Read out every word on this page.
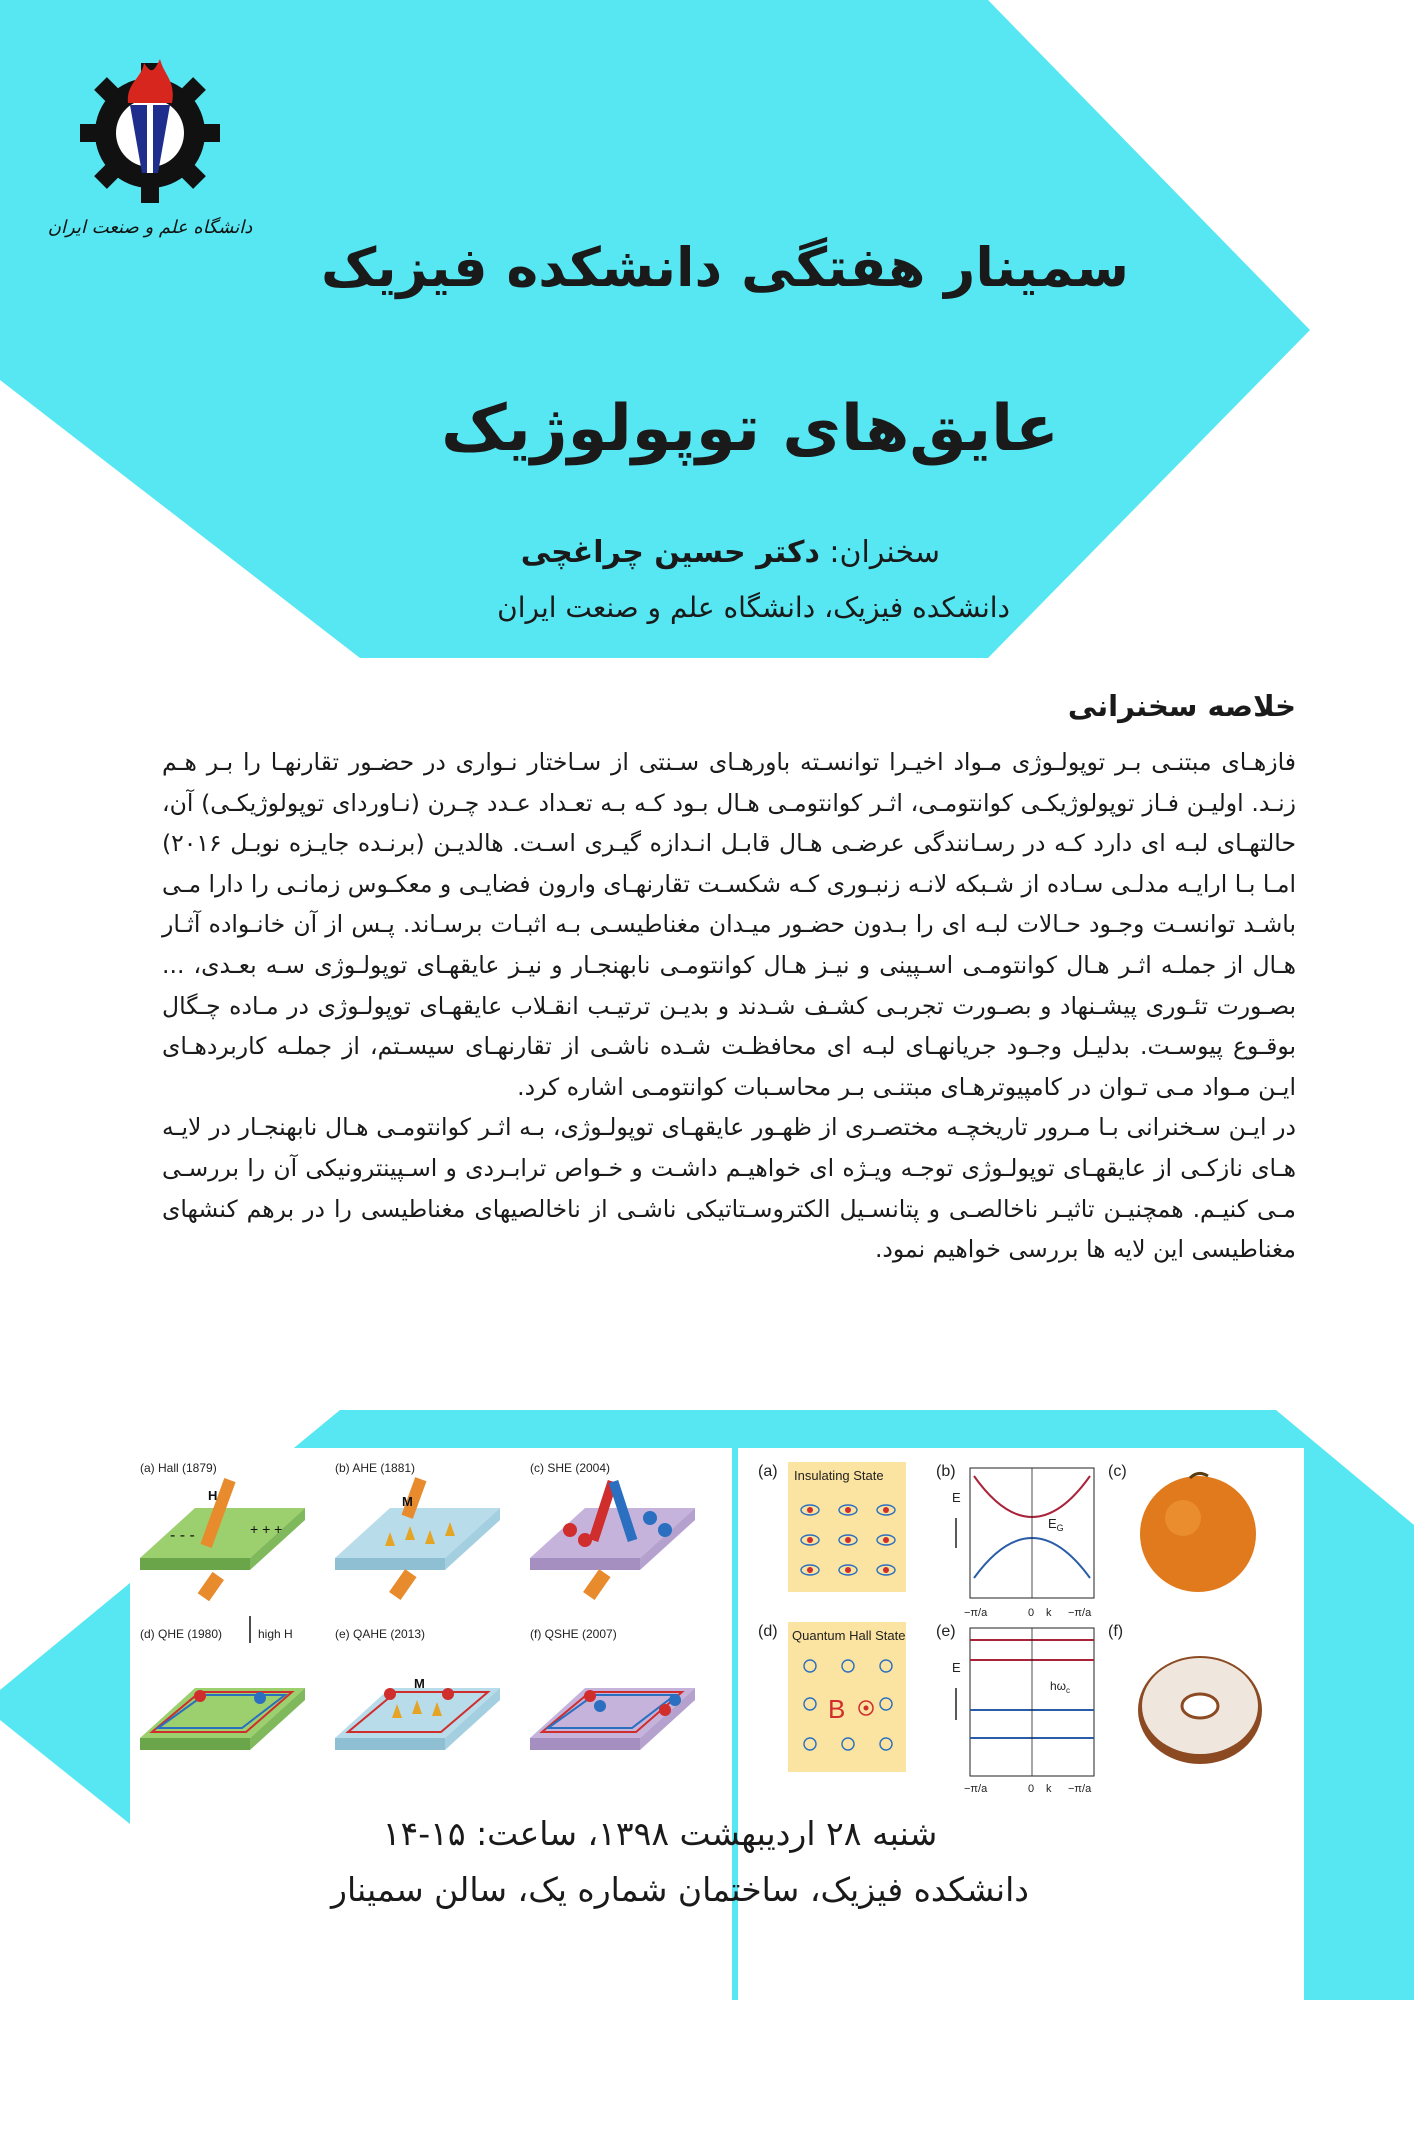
دانشگاه علم و صنعت ایران
سمینار هفتگی دانشکده فیزیک
عایق‌های توپولوژیک
سخنران: دکتر حسین چراغچی
دانشکده فیزیک، دانشگاه علم و صنعت ایران
خلاصه سخنرانی

فازهـای مبتنـی بـر توپولـوژی مـواد اخیـرا توانسـته باورهـای سـنتی از سـاختار نـواری در حضـور تقارنهـا را بـر هـم زنـد. اولیـن فـاز توپولوژیکـی کوانتومـی، اثـر کوانتومـی هـال بـود کـه بـه تعـداد عـدد چـرن (نـاوردای توپولوژیکـی) آن، حالتهـای لبـه ای دارد کـه در رسـانندگی عرضـی هـال قابـل انـدازه گیـری اسـت. هالدیـن (برنـده جایـزه نوبـل ۲۰۱۶) امـا بـا ارایـه مدلـی سـاده از شـبکه لانـه زنبـوری کـه شکسـت تقارنهـای وارون فضایـی و معکـوس زمانـی را دارا مـی باشـد توانسـت وجـود حـالات لبـه ای را بـدون حضـور میـدان مغناطیسـی بـه اثبـات برسـاند. پـس از آن خانـواده آثـار هـال از جملـه اثـر هـال کوانتومـی اسـپینی و نیـز هـال کوانتومـی نابهنجـار و نیـز عایقهـای توپولـوژی سـه بعـدی، ... بصـورت تئـوری پیشـنهاد و بصـورت تجربـی کشـف شـدند و بدیـن ترتیـب انقـلاب عایقهـای توپولـوژی در مـاده چـگال بوقـوع پیوسـت. بدلیـل وجـود جریانهـای لبـه ای محافظـت شـده ناشـی از تقارنهـای سیسـتم، از جملـه کاربردهـای ایـن مـواد مـی تـوان در کامپیوترهـای مبتنـی بـر محاسـبات کوانتومـی اشاره کرد.

در ایـن سـخنرانی بـا مـرور تاریخچـه مختصـری از ظهـور عایقهـای توپولـوژی، بـه اثـر کوانتومـی هـال نابهنجـار در لایـه هـای نازکـی از عایقهـای توپولـوژی توجـه ویـژه ای خواهیـم داشـت و خـواص ترابـردی و اسـپینترونیکی آن را بررسـی مـی کنیـم. همچنیـن تاثیـر ناخالصـی و پتانسـیل الکتروسـتاتیکی ناشـی از ناخالصیهای مغناطیسی را در برهم کنشهای مغناطیسی این لایه ها بررسی خواهیم نمود.

(a) Hall (1879)
H
- - -	+ + +
(b) AHE (1881)
M
(c) SHE (2004)
(d) QHE (1980)	high H	(e) QAHE (2013)
M
(f) QSHE (2007)
(a) Insulating State	(b)
E
$E_G$
−π/a	0 k −π/a
(c)
(d) Quantum Hall State
B
(e)
E
$h\omega_c$
−π/a	0 k −π/a
(f)
شنبه ۲۸ اردیبهشت ۱۳۹۸، ساعت: ۱۵-۱۴
دانشکده فیزیک، ساختمان شماره یک، سالن سمینار
